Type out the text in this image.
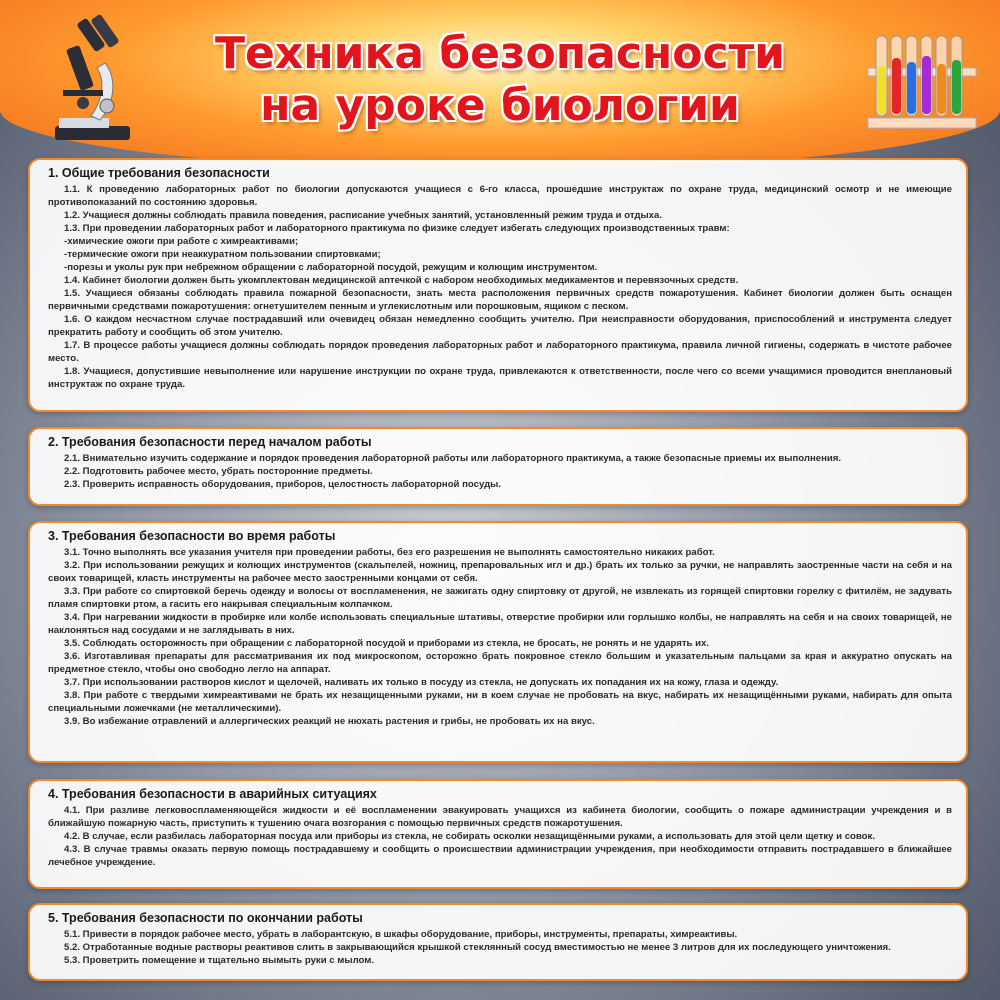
Техника безопасности
на уроке биологии
1. Общие требования безопасности

1.1. К проведению лабораторных работ по биологии допускаются учащиеся с 6-го класса, прошедшие инструктаж по охране труда, медицинский осмотр и не имеющие противопоказаний по состоянию здоровья.

1.2. Учащиеся должны соблюдать правила поведения, расписание учебных занятий, установленный режим труда и отдыха.

1.3. При проведении лабораторных работ и лабораторного практикума по физике следует избегать следующих производственных травм:

-химические ожоги при работе с химреактивами;

-термические ожоги при неаккуратном пользовании спиртовками;

-порезы и уколы рук при небрежном обращении с лабораторной посудой, режущим и колющим инструментом.

1.4. Кабинет биологии должен быть укомплектован медицинской аптечкой с набором необходимых медикаментов и перевязочных средств.

1.5. Учащиеся обязаны соблюдать правила пожарной безопасности, знать места расположения первичных средств пожаротушения. Кабинет биологии должен быть оснащен первичными средствами пожаротушения: огнетушителем пенным и углекислотным или порошковым, ящиком с песком.

1.6. О каждом несчастном случае пострадавший или очевидец обязан немедленно сообщить учителю. При неисправности оборудования, приспособлений и инструмента следует прекратить работу и сообщить об этом учителю.

1.7. В процессе работы учащиеся должны соблюдать порядок проведения лабораторных работ и лабораторного практикума, правила личной гигиены, содержать в чистоте рабочее место.

1.8. Учащиеся, допустившие невыполнение или нарушение инструкции по охране труда, привлекаются к ответственности, после чего со всеми учащимися проводится внеплановый инструктаж по охране труда.

2. Требования безопасности перед началом работы

2.1. Внимательно изучить содержание и порядок проведения лабораторной работы или лабораторного практикума, а также безопасные приемы их выполнения.

2.2. Подготовить рабочее место, убрать посторонние предметы.

2.3. Проверить исправность оборудования, приборов, целостность лабораторной посуды.

3. Требования безопасности во время работы

3.1. Точно выполнять все указания учителя при проведении работы, без его разрешения не выполнять самостоятельно никаких работ.

3.2. При использовании режущих и колющих инструментов (скальпелей, ножниц, препаровальных игл и др.) брать их только за ручки, не направлять заостренные части на себя и на своих товарищей, класть инструменты на рабочее место заостренными концами от себя.

3.3. При работе со спиртовкой беречь одежду и волосы от воспламенения, не зажигать одну спиртовку от другой, не извлекать из горящей спиртовки горелку с фитилём, не задувать пламя спиртовки ртом, а гасить его накрывая специальным колпачком.

3.4. При нагревании жидкости в пробирке или колбе использовать специальные штативы, отверстие пробирки или горлышко колбы, не направлять на себя и на своих товарищей, не наклоняться над сосудами и не заглядывать в них.

3.5. Соблюдать осторожность при обращении с лабораторной посудой и приборами из стекла, не бросать, не ронять и не ударять их.

3.6. Изготавливая препараты для рассматривания их под микроскопом, осторожно брать покровное стекло большим и указательным пальцами за края и аккуратно опускать на предметное стекло, чтобы оно свободно легло на аппарат.

3.7. При использовании растворов кислот и щелочей, наливать их только в посуду из стекла, не допускать их попадания их на кожу, глаза и одежду.

3.8. При работе с твердыми химреактивами не брать их незащищенными руками, ни в коем случае не пробовать на вкус, набирать их незащищёнными руками, набирать для опыта специальными ложечками (не металлическими).

3.9. Во избежание отравлений и аллергических реакций не нюхать растения и грибы, не пробовать их на вкус.

4. Требования безопасности в аварийных ситуациях

4.1. При разливе легковоспламеняющейся жидкости и её воспламенении эвакуировать учащихся из кабинета биологии, сообщить о пожаре администрации учреждения и в ближайшую пожарную часть, приступить к тушению очага возгорания с помощью первичных средств пожаротушения.

4.2. В случае, если разбилась лабораторная посуда или приборы из стекла, не собирать осколки незащищёнными руками, а использовать для этой цели щетку и совок.

4.3. В случае травмы оказать первую помощь пострадавшему и сообщить о происшествии администрации учреждения, при необходимости отправить пострадавшего в ближайшее лечебное учреждение.

5. Требования безопасности по окончании работы

5.1. Привести в порядок рабочее место, убрать в лаборантскую, в шкафы оборудование, приборы, инструменты, препараты, химреактивы.

5.2. Отработанные водные растворы реактивов слить в закрывающийся крышкой стеклянный сосуд вместимостью не менее 3 литров для их последующего уничтожения.

5.3. Проветрить помещение и тщательно вымыть руки с мылом.
